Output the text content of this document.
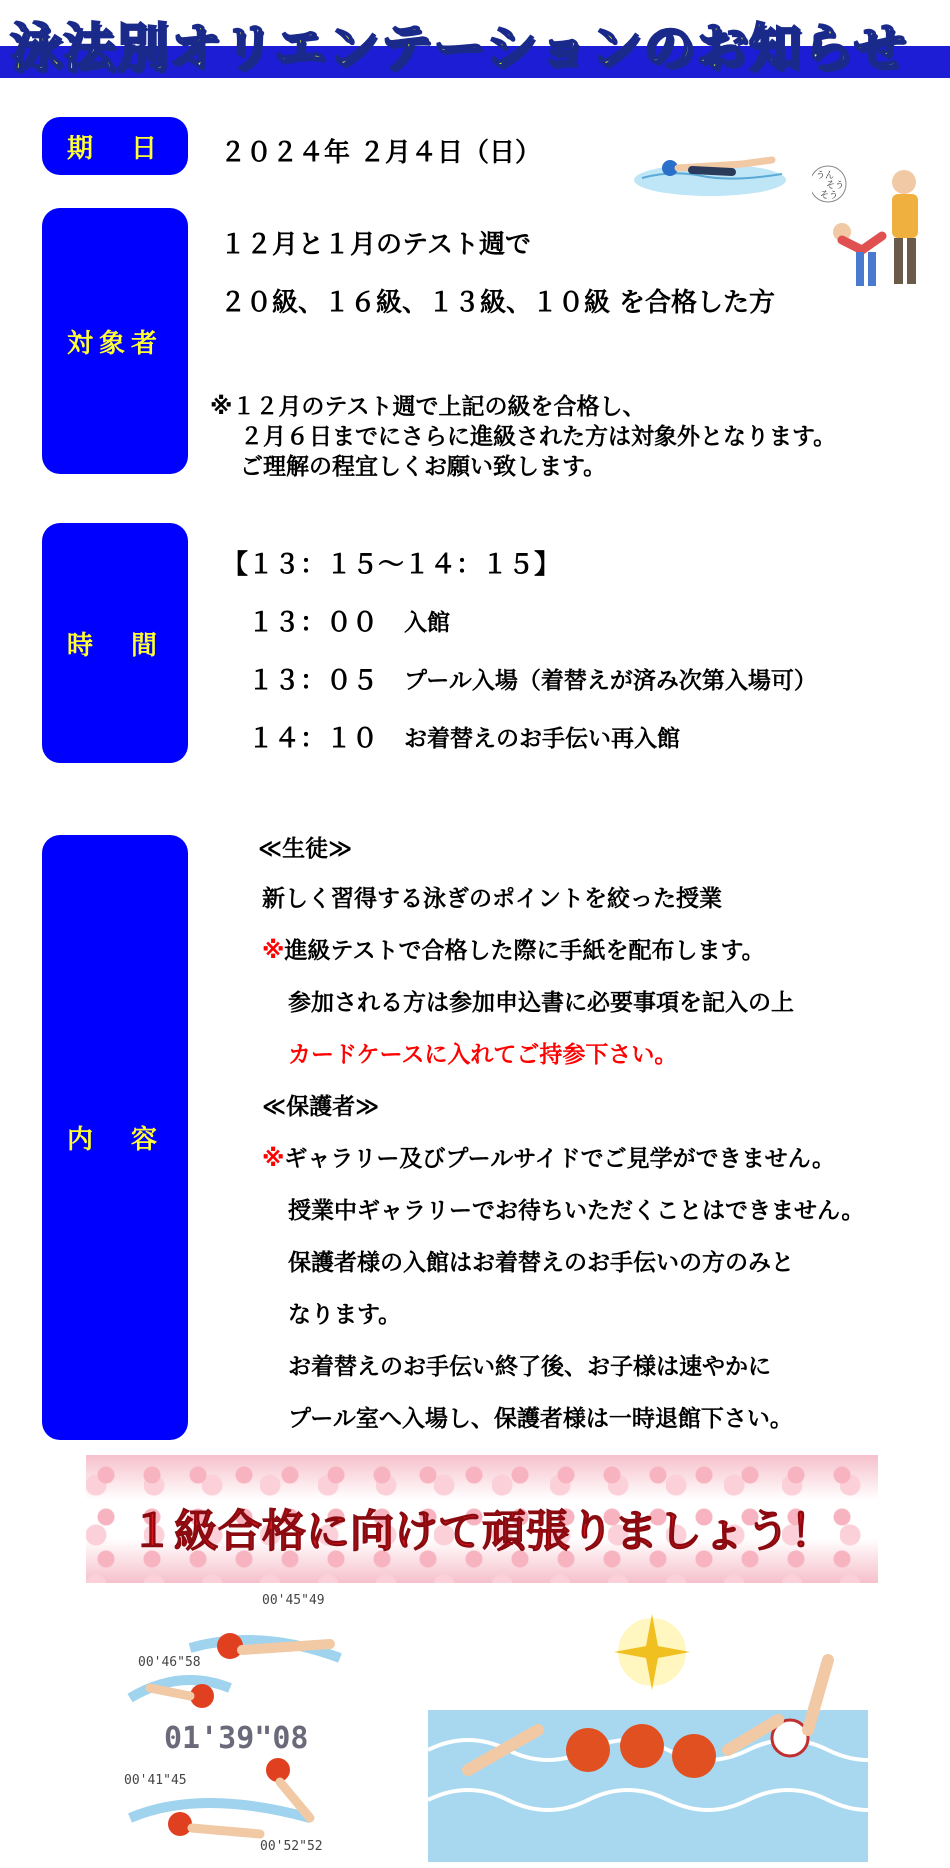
泳法別オリエンテーションのお知らせ
期　日 ２０２４年 ２月４日（日）
うん
そう
そう
対象者
１２月と１月のテスト週で
２０級、１６級、１３級、１０級 を合格した方
※１２月のテスト週で上記の級を合格し、
２月６日までにさらに進級された方は対象外となります。
ご理解の程宜しくお願い致します。
時　間
【１３：１５～１４：１５】
１３：００ 入館
１３：０５ プール入場（着替えが済み次第入場可）
１４：１０ お着替えのお手伝い再入館
内　容
≪生徒≫
新しく習得する泳ぎのポイントを絞った授業
※進級テストで合格した際に手紙を配布します。
参加される方は参加申込書に必要事項を記入の上
カードケースに入れてご持参下さい。
≪保護者≫
※ギャラリー及びプールサイドでご見学ができません。
授業中ギャラリーでお待ちいただくことはできません。
保護者様の入館はお着替えのお手伝いの方のみと
なります。
お着替えのお手伝い終了後、お子様は速やかに
プール室へ入場し、保護者様は一時退館下さい。
１級合格に向けて頑張りましょう！
00'45"49
00'46"58
01'39"08
00'41"45
00'52"52
